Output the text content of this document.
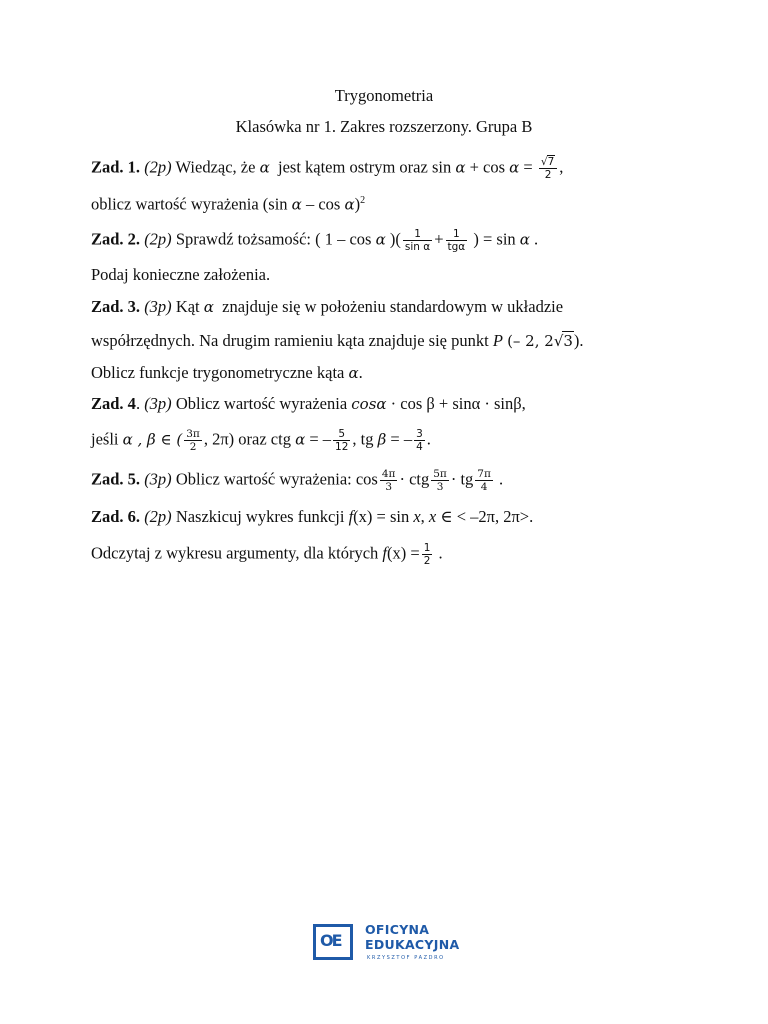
Trygonometria
Klasówka nr 1. Zakres rozszerzony. Grupa B
Zad. 1. (2p) Wiedząc, że α jest kątem ostrym oraz $\sin \alpha + \cos \alpha = \frac{√7}{2}$ ,
oblicz wartość wyrażenia (sin α – cos α)$^2$
Zad. 2. (2p) Sprawdź tożsamość: ( 1 – cos α )( $\frac{1}{\text{sin α}} + \frac{1}{\text{tgα}}$ ) = sin α .
Podaj konieczne założenia.
Zad. 3. (3p) Kąt α znajduje się w położeniu standardowym w układzie
współrzędnych. Na drugim ramieniu kąta znajduje się punkt P (– 2, 2√3).
Oblicz funkcje trygonometryczne kąta α.
Zad. 4. (3p) Oblicz wartość wyrażenia cosα · cos β + sinα · sinβ,
jeśli α , β ∈ ( $\frac{3\pi}{2}$ , 2π) oraz ctg α = – $\frac{5}{12}$ , tg β = – $\frac{3}{4}$ .
Zad. 5. (3p) Oblicz wartość wyrażenia: $\cos \frac{4\pi}{3}$ · ctg $\frac{5\pi}{3}$ · tg $\frac{7\pi}{4}$ .
Zad. 6. (2p) Naszkicuj wykres funkcji f(x) = sin x, x ∈ < –2π, 2π>.
Odczytaj z wykresu argumenty, dla których $f(x) = \frac{1}{2}$ .
OE
OFICYNA
EDUKACYJNA
KRZYSZTOF PAZDRO
